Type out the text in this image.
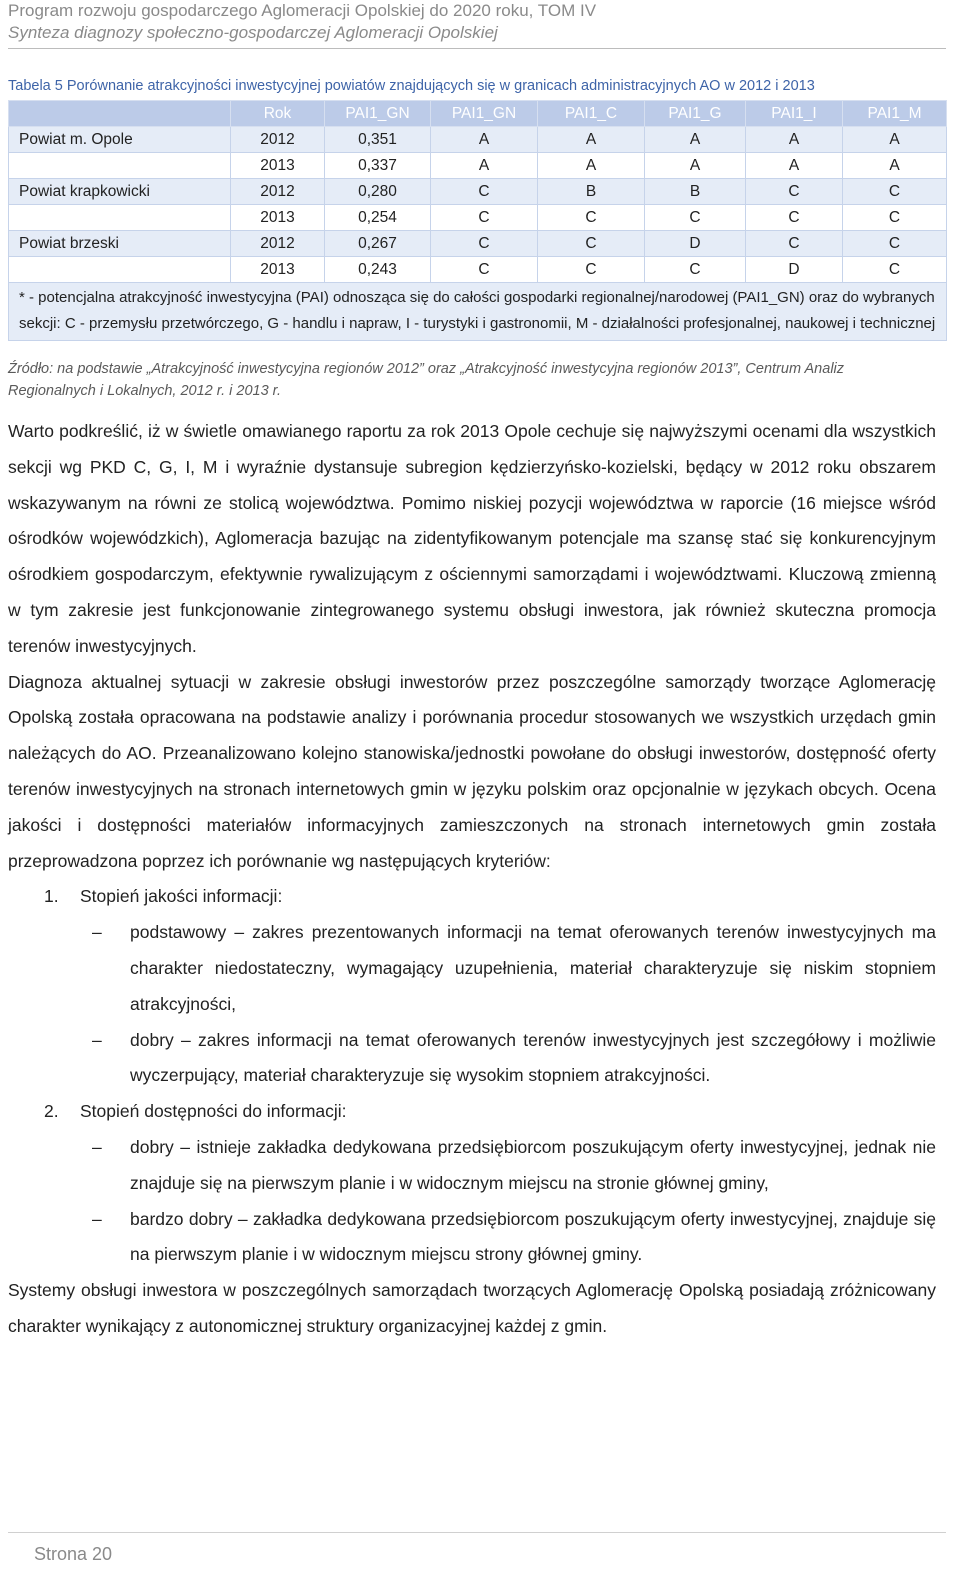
Program rozwoju gospodarczego Aglomeracji Opolskiej do 2020 roku, TOM IV
Synteza diagnozy społeczno-gospodarczej Aglomeracji Opolskiej
Tabela 5 Porównanie atrakcyjności inwestycyjnej powiatów znajdujących się w granicach administracyjnych AO w 2012 i 2013
	Rok	PAI1_GN	PAI1_GN	PAI1_C	PAI1_G	PAI1_I	PAI1_M
Powiat m. Opole	2012	0,351	A	A	A	A	A
	2013	0,337	A	A	A	A	A
Powiat krapkowicki	2012	0,280	C	B	B	C	C
	2013	0,254	C	C	C	C	C
Powiat brzeski	2012	0,267	C	C	D	C	C
	2013	0,243	C	C	C	D	C
* - potencjalna atrakcyjność inwestycyjna (PAI) odnosząca się do całości gospodarki regionalnej/narodowej (PAI1_GN) oraz do wybranych sekcji: C - przemysłu przetwórczego, G - handlu i napraw, I - turystyki i gastronomii, M - działalności profesjonalnej, naukowej i technicznej							
Źródło: na podstawie „Atrakcyjność inwestycyjna regionów 2012” oraz „Atrakcyjność inwestycyjna regionów 2013”, Centrum Analiz Regionalnych i Lokalnych, 2012 r. i 2013 r.

Warto podkreślić, iż w świetle omawianego raportu za rok 2013 Opole cechuje się najwyższymi ocenami dla wszystkich sekcji wg PKD C, G, I, M i wyraźnie dystansuje subregion kędzierzyńsko-kozielski, będący w 2012 roku obszarem wskazywanym na równi ze stolicą województwa. Pomimo niskiej pozycji województwa w raporcie (16 miejsce wśród ośrodków wojewódzkich), Aglomeracja bazując na zidentyfikowanym potencjale ma szansę stać się konkurencyjnym ośrodkiem gospodarczym, efektywnie rywalizującym z ościennymi samorządami i województwami. Kluczową zmienną w tym zakresie jest funkcjonowanie zintegrowanego systemu obsługi inwestora, jak również skuteczna promocja terenów inwestycyjnych.

Diagnoza aktualnej sytuacji w zakresie obsługi inwestorów przez poszczególne samorządy tworzące Aglomerację Opolską została opracowana na podstawie analizy i porównania procedur stosowanych we wszystkich urzędach gmin należących do AO. Przeanalizowano kolejno stanowiska/jednostki powołane do obsługi inwestorów, dostępność oferty terenów inwestycyjnych na stronach internetowych gmin w języku polskim oraz opcjonalnie w językach obcych. Ocena jakości i dostępności materiałów informacyjnych zamieszczonych na stronach internetowych gmin została przeprowadzona poprzez ich porównanie wg następujących kryteriów:

1.	Stopień jakości informacji:
–	podstawowy – zakres prezentowanych informacji na temat oferowanych terenów inwestycyjnych ma charakter niedostateczny, wymagający uzupełnienia, materiał charakteryzuje się niskim stopniem atrakcyjności,
–	dobry – zakres informacji na temat oferowanych terenów inwestycyjnych jest szczegółowy i możliwie wyczerpujący, materiał charakteryzuje się wysokim stopniem atrakcyjności.
2.	Stopień dostępności do informacji:
–	dobry – istnieje zakładka dedykowana przedsiębiorcom poszukującym oferty inwestycyjnej, jednak nie znajduje się na pierwszym planie i w widocznym miejscu na stronie głównej gminy,
–	bardzo dobry – zakładka dedykowana przedsiębiorcom poszukującym oferty inwestycyjnej, znajduje się na pierwszym planie i w widocznym miejscu strony głównej gminy.

Systemy obsługi inwestora w poszczególnych samorządach tworzących Aglomerację Opolską posiadają zróżnicowany charakter wynikający z autonomicznej struktury organizacyjnej każdej z gmin.

Strona 20
